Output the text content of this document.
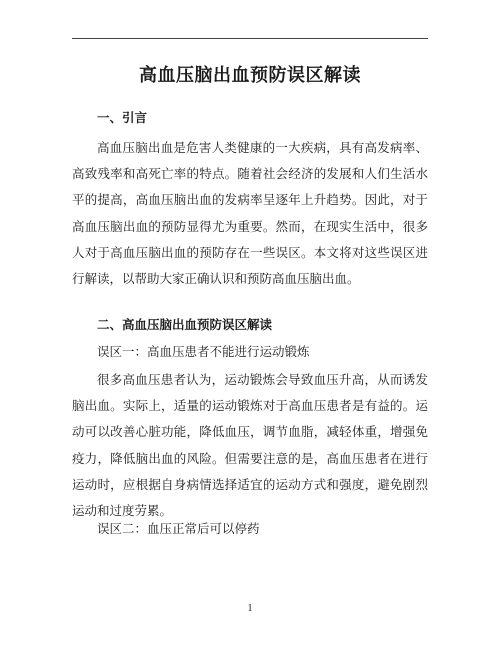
高血压脑出血预防误区解读
一、引言

高血压脑出血是危害人类健康的一大疾病，具有高发病率、高致残率和高死亡率的特点。随着社会经济的发展和人们生活水平的提高，高血压脑出血的发病率呈逐年上升趋势。因此，对于高血压脑出血的预防显得尤为重要。然而，在现实生活中，很多人对于高血压脑出血的预防存在一些误区。本文将对这些误区进行解读，以帮助大家正确认识和预防高血压脑出血。

二、高血压脑出血预防误区解读

误区一：高血压患者不能进行运动锻炼

很多高血压患者认为，运动锻炼会导致血压升高，从而诱发脑出血。实际上，适量的运动锻炼对于高血压患者是有益的。运动可以改善心脏功能，降低血压，调节血脂，减轻体重，增强免疫力，降低脑出血的风险。但需要注意的是，高血压患者在进行运动时，应根据自身病情选择适宜的运动方式和强度，避免剧烈运动和过度劳累。

误区二：血压正常后可以停药

1
